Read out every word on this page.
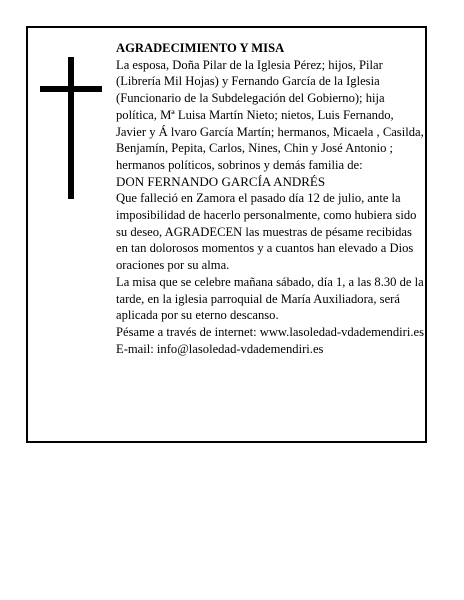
AGRADECIMIENTO Y MISA

La esposa, Doña Pilar de la Iglesia Pérez; hijos, Pilar (Librería Mil Hojas) y Fernando García de la Iglesia (Funcionario de la Subdelegación del Gobierno); hija política, Mª Luisa Martín Nieto; nietos, Luis Fernando, Javier y Á lvaro García Martín; hermanos, Micaela , Casilda, Benjamín, Pepita, Carlos, Nines, Chin y José Antonio ; hermanos políticos, sobrinos y demás familia de:

DON FERNANDO GARCÍA ANDRÉS

Que falleció en Zamora el pasado día 12 de julio, ante la imposibilidad de hacerlo personalmente, como hubiera sido su deseo, AGRADECEN las muestras de pésame recibidas en tan dolorosos momentos y a cuantos han elevado a Dios oraciones por su alma.

La misa que se celebre mañana sábado, día 1, a las 8.30 de la tarde, en la iglesia parroquial de María Auxiliadora, será aplicada por su eterno descanso.

Pésame a través de internet: www.lasoledad-vdademendiri.es

E-mail: info@lasoledad-vdademendiri.es
